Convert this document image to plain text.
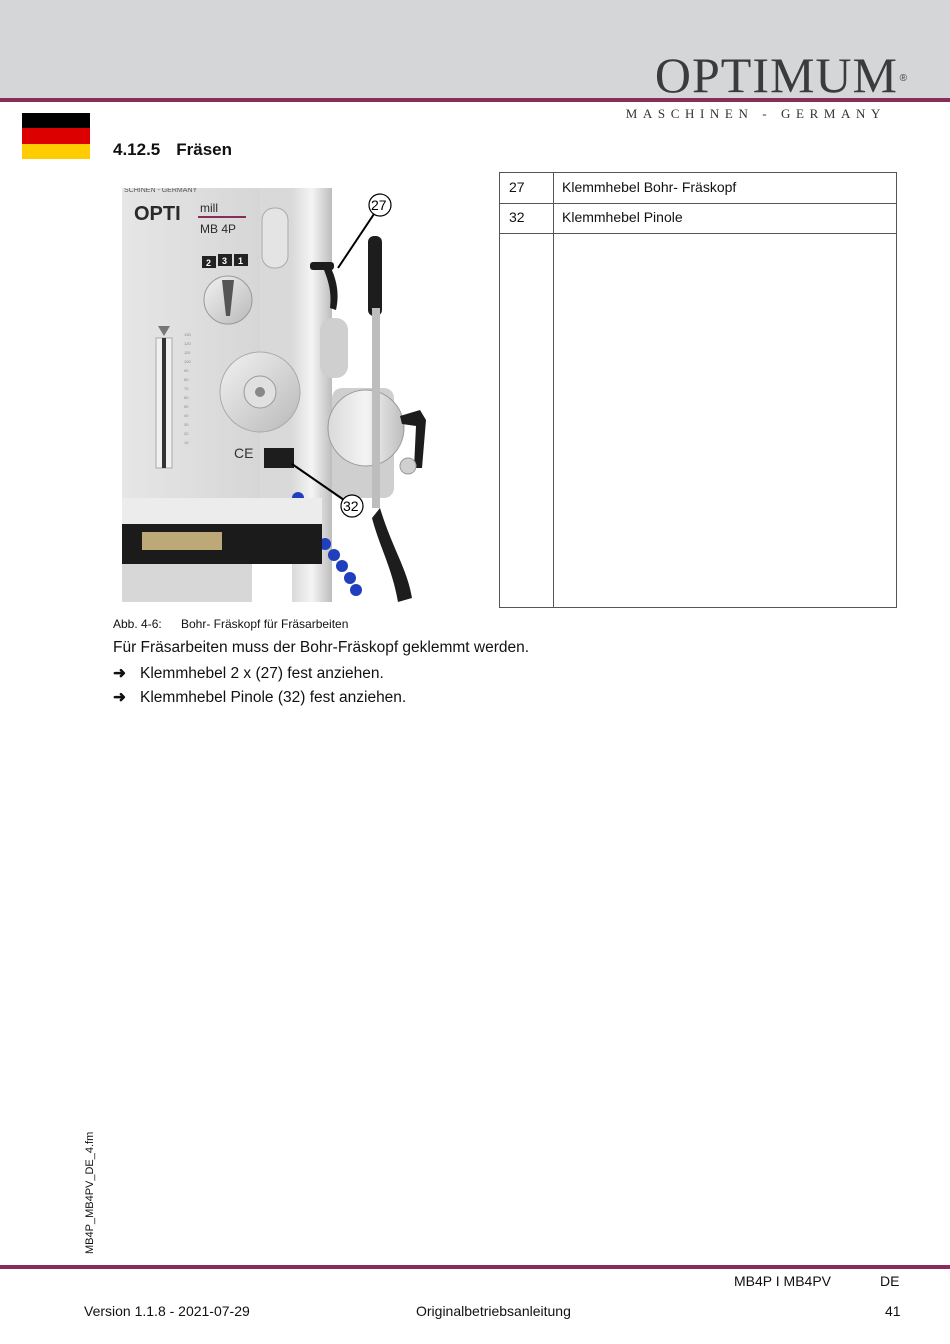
OPTIMUM ®
MASCHINEN - GERMANY
4.12.5 Fräsen
SCHINEN - GERMANY
OPTI mill
MB 4P
2 3 1
130
120
110
100
90
80
70
60
50
40
30
20
10
CE
27
32
Abb. 4-6: Bohr- Fräskopf für Fräsarbeiten
27	Klemmhebel Bohr- Fräskopf
32	Klemmhebel Pinole
Für Fräsarbeiten muss der Bohr-Fräskopf geklemmt werden.
➜ Klemmhebel 2 x (27) fest anziehen.
➜ Klemmhebel Pinole (32) fest anziehen.
MB4P_MB4PV_DE_4.fm
MB4P I MB4PV	DE
Version 1.1.8 - 2021-07-29	Originalbetriebsanleitung	41
